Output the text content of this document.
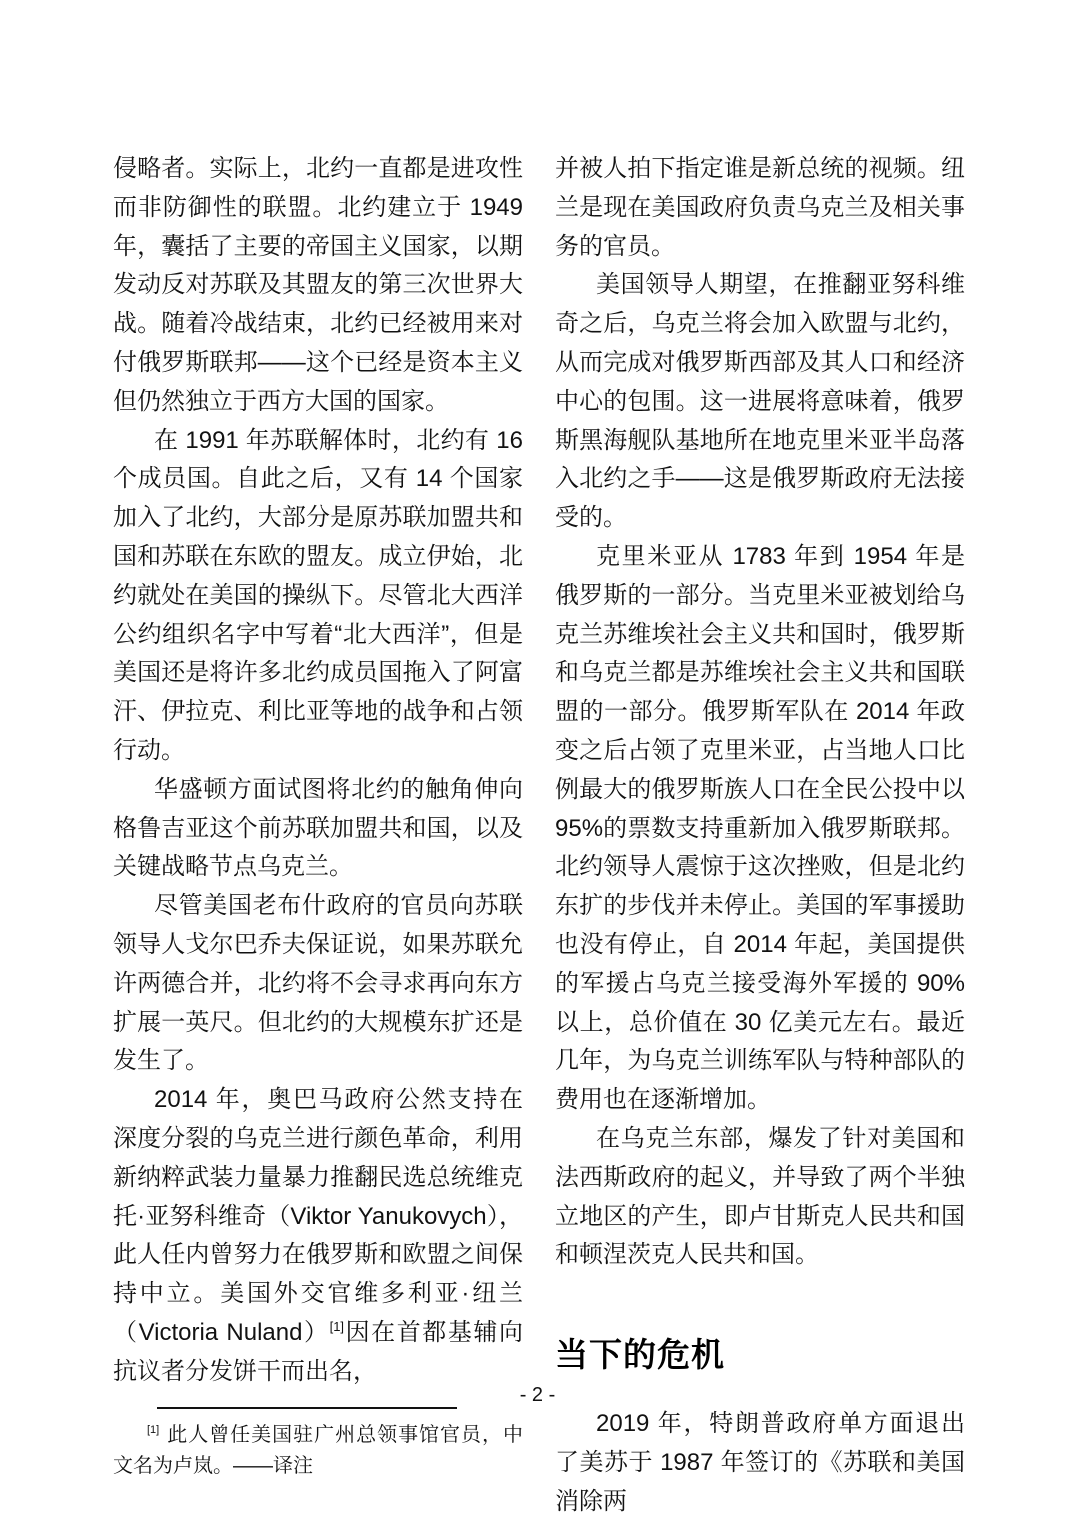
侵略者。实际上，北约一直都是进攻性而非防御性的联盟。北约建立于 1949 年，囊括了主要的帝国主义国家，以期发动反对苏联及其盟友的第三次世界大战。随着冷战结束，北约已经被用来对付俄罗斯联邦——这个已经是资本主义但仍然独立于西方大国的国家。

在 1991 年苏联解体时，北约有 16 个成员国。自此之后，又有 14 个国家加入了北约，大部分是原苏联加盟共和国和苏联在东欧的盟友。成立伊始，北约就处在美国的操纵下。尽管北大西洋公约组织名字中写着“北大西洋”，但是美国还是将许多北约成员国拖入了阿富汗、伊拉克、利比亚等地的战争和占领行动。

华盛顿方面试图将北约的触角伸向格鲁吉亚这个前苏联加盟共和国，以及关键战略节点乌克兰。

尽管美国老布什政府的官员向苏联领导人戈尔巴乔夫保证说，如果苏联允许两德合并，北约将不会寻求再向东方扩展一英尺。但北约的大规模东扩还是发生了。

2014 年，奥巴马政府公然支持在深度分裂的乌克兰进行颜色革命，利用新纳粹武装力量暴力推翻民选总统维克托·亚努科维奇（Viktor Yanukovych），此人任内曾努力在俄罗斯和欧盟之间保持中立。美国外交官维多利亚·纽兰（Victoria Nuland）[1]因在首都基辅向抗议者分发饼干而出名，

[1] 此人曾任美国驻广州总领事馆官员，中文名为卢岚。——译注

并被人拍下指定谁是新总统的视频。纽兰是现在美国政府负责乌克兰及相关事务的官员。

美国领导人期望，在推翻亚努科维奇之后，乌克兰将会加入欧盟与北约，从而完成对俄罗斯西部及其人口和经济中心的包围。这一进展将意味着，俄罗斯黑海舰队基地所在地克里米亚半岛落入北约之手——这是俄罗斯政府无法接受的。

克里米亚从 1783 年到 1954 年是俄罗斯的一部分。当克里米亚被划给乌克兰苏维埃社会主义共和国时，俄罗斯和乌克兰都是苏维埃社会主义共和国联盟的一部分。俄罗斯军队在 2014 年政变之后占领了克里米亚，占当地人口比例最大的俄罗斯族人口在全民公投中以 95%的票数支持重新加入俄罗斯联邦。北约领导人震惊于这次挫败，但是北约东扩的步伐并未停止。美国的军事援助也没有停止，自 2014 年起，美国提供的军援占乌克兰接受海外军援的 90%以上，总价值在 30 亿美元左右。最近几年，为乌克兰训练军队与特种部队的费用也在逐渐增加。

在乌克兰东部，爆发了针对美国和法西斯政府的起义，并导致了两个半独立地区的产生，即卢甘斯克人民共和国和顿涅茨克人民共和国。

当下的危机

2019 年，特朗普政府单方面退出了美苏于 1987 年签订的《苏联和美国消除两

- 2 -
